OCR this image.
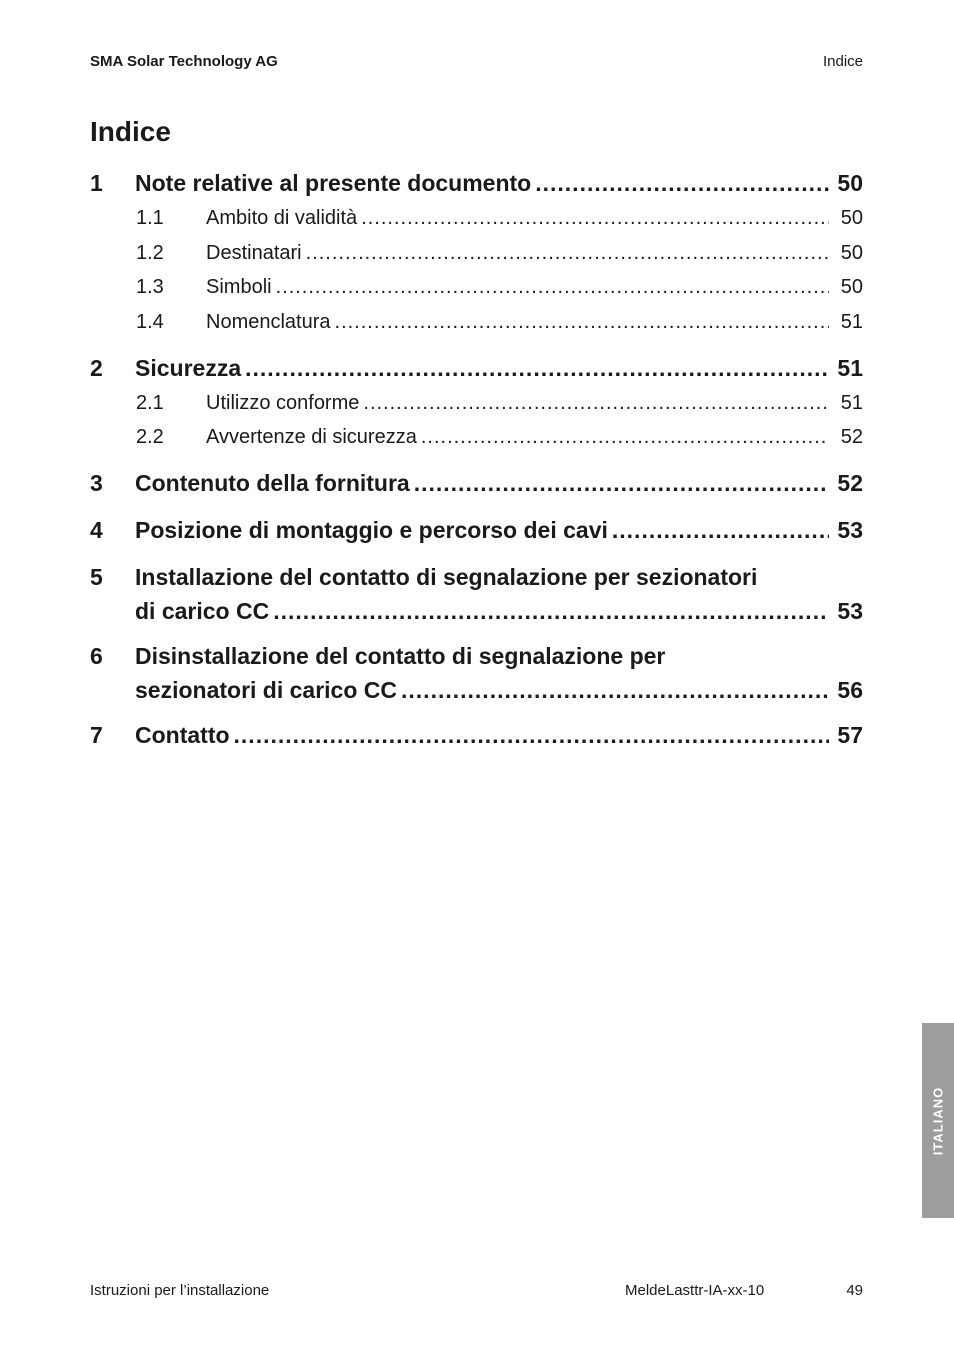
SMA Solar Technology AG	Indice
Indice
1 Note relative al presente documento .....	50
1.1 Ambito di validità .....	50
1.2 Destinatari .....	50
1.3 Simboli .....	50
1.4 Nomenclatura .....	51
2 Sicurezza .....	51
2.1 Utilizzo conforme .....	51
2.2 Avvertenze di sicurezza .....	52
3 Contenuto della fornitura .....	52
4 Posizione di montaggio e percorso dei cavi .....	53
5 Installazione del contatto di segnalazione per sezionatori
di carico CC .....	53
6 Disinstallazione del contatto di segnalazione per
sezionatori di carico CC .....	56
7 Contatto .....	57
ITALIANO
Istruzioni per l’installazione	MeldeLasttr-IA-xx-10	49
